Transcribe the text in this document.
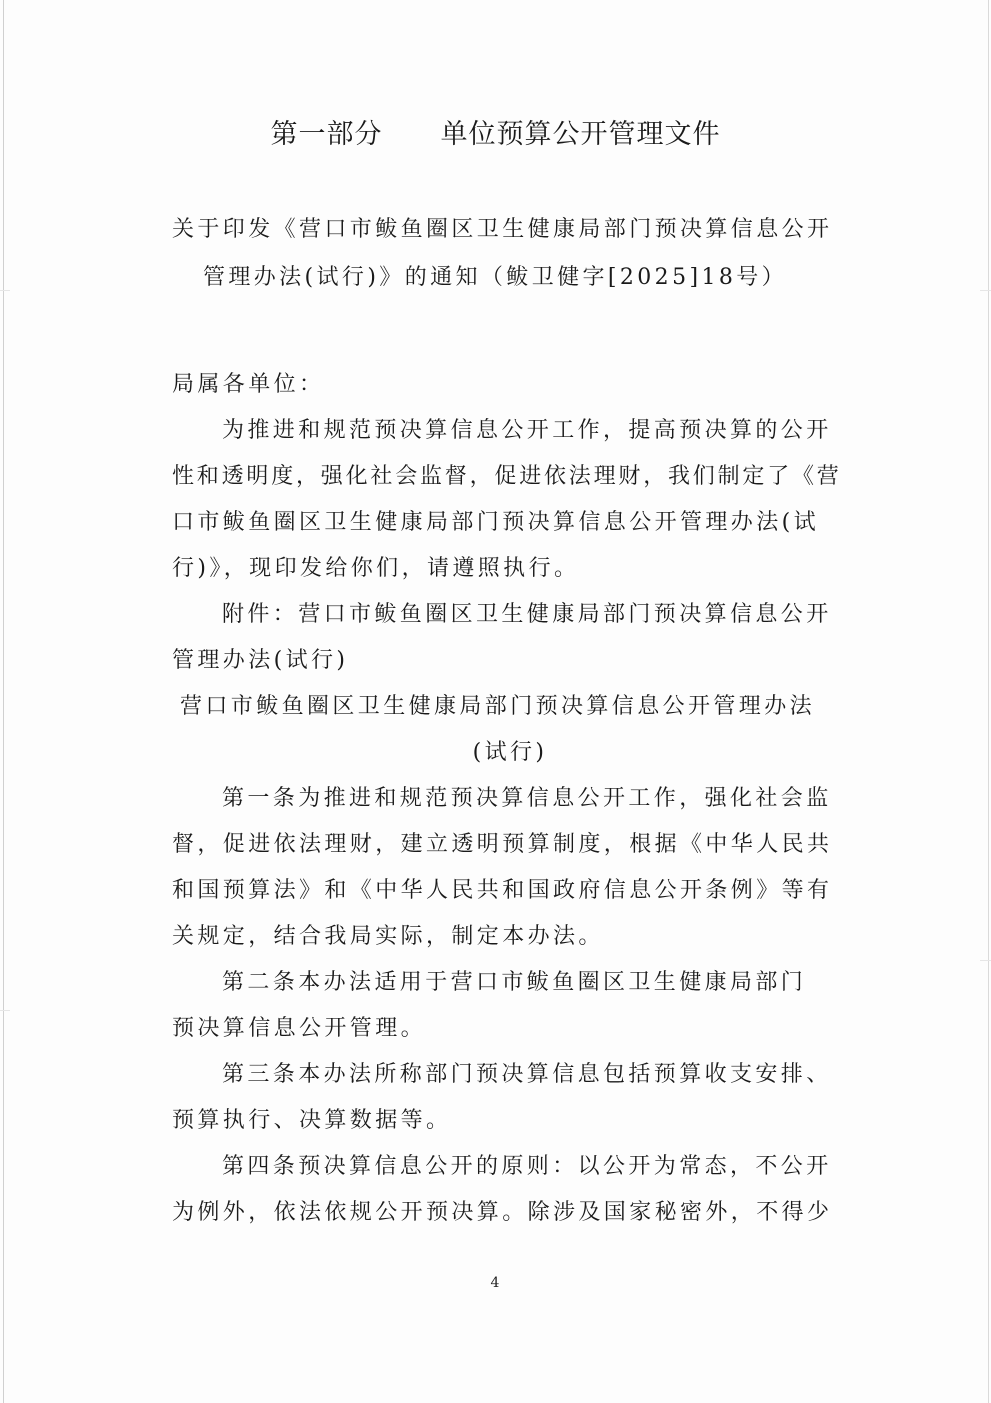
第一部分 单位预算公开管理文件
关于印发《营口市鲅鱼圈区卫生健康局部门预决算信息公开
管理办法(试行)》的通知（鲅卫健字[2025]18号）
局属各单位：
为推进和规范预决算信息公开工作，提高预决算的公开
性和透明度，强化社会监督，促进依法理财，我们制定了《营
口市鲅鱼圈区卫生健康局部门预决算信息公开管理办法(试
行)》，现印发给你们，请遵照执行。
附件：营口市鲅鱼圈区卫生健康局部门预决算信息公开
管理办法(试行)
营口市鲅鱼圈区卫生健康局部门预决算信息公开管理办法
(试行)
第一条为推进和规范预决算信息公开工作，强化社会监
督，促进依法理财，建立透明预算制度，根据《中华人民共
和国预算法》和《中华人民共和国政府信息公开条例》等有
关规定，结合我局实际，制定本办法。
第二条本办法适用于营口市鲅鱼圈区卫生健康局部门
预决算信息公开管理。
第三条本办法所称部门预决算信息包括预算收支安排、
预算执行、决算数据等。
第四条预决算信息公开的原则：以公开为常态，不公开
为例外，依法依规公开预决算。除涉及国家秘密外，不得少
4
